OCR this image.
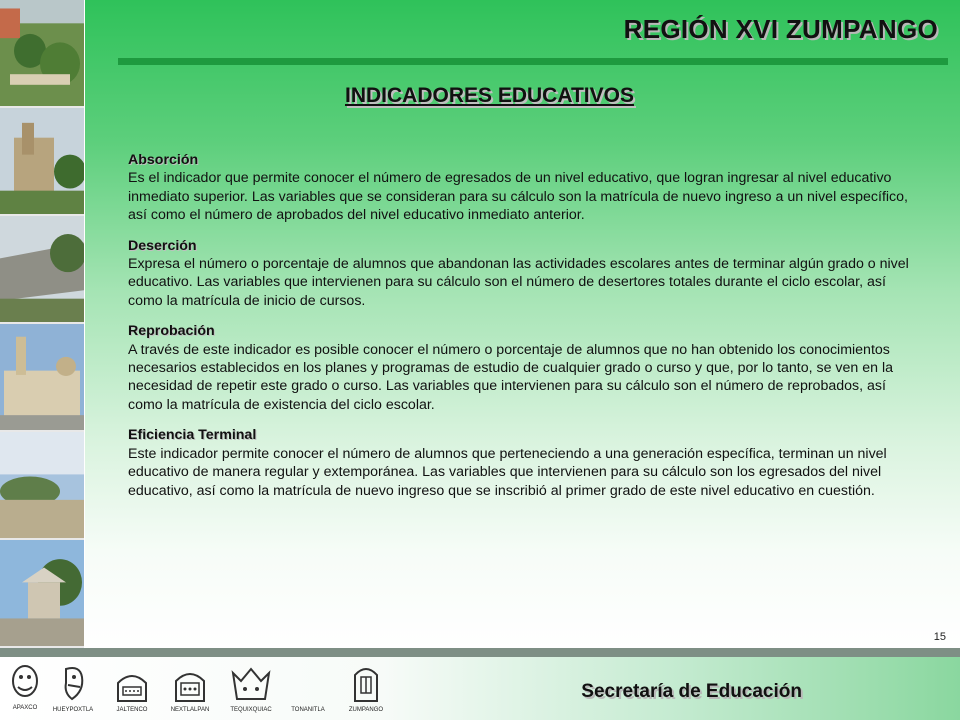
REGIÓN XVI ZUMPANGO
INDICADORES EDUCATIVOS
Absorción
Es el indicador que permite conocer el número de egresados de un nivel educativo, que logran ingresar al nivel educativo inmediato superior. Las variables que se consideran para su cálculo son la matrícula de nuevo ingreso a un nivel específico, así como el número de aprobados del nivel educativo inmediato anterior.
Deserción
Expresa el número o porcentaje de alumnos que abandonan las actividades escolares antes de terminar algún grado o nivel educativo. Las variables que intervienen para su cálculo son el número de desertores totales durante el ciclo escolar, así como la matrícula de inicio de cursos.
Reprobación
A través de este indicador es posible conocer el número o porcentaje de alumnos que no han obtenido los conocimientos necesarios establecidos en los planes y programas de estudio de cualquier grado o curso y que, por lo tanto, se ven en la necesidad de repetir este grado o curso. Las variables que intervienen para su cálculo son el número de reprobados, así como la matrícula de existencia del ciclo escolar.
Eficiencia Terminal
Este indicador permite conocer el número de alumnos que perteneciendo a una generación específica, terminan un nivel educativo de manera regular y extemporánea. Las variables que intervienen para su cálculo son los egresados del nivel educativo, así como la matrícula de nuevo ingreso que se inscribió al primer grado de este nivel educativo en cuestión.
15
APAXCO	HUEYPOXTLA	JALTENCO	NEXTLALPAN	TEQUIXQUIAC	TONANITLA	ZUMPANGO
Secretaría de Educación
